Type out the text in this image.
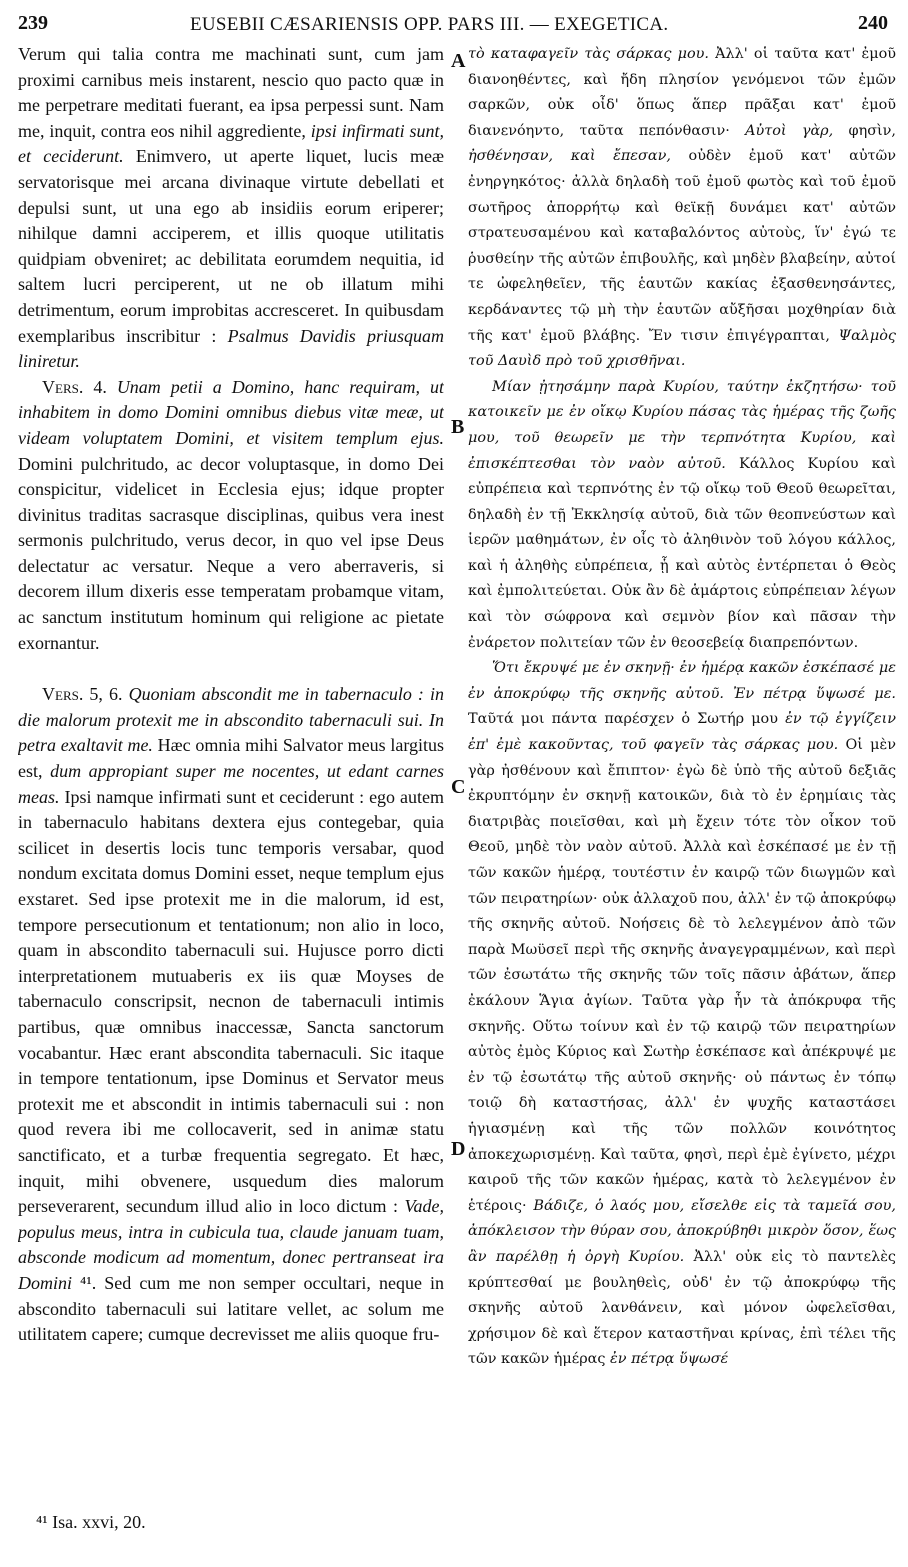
239	EUSEBII CÆSARIENSIS OPP. PARS III. — EXEGETICA.	240

Verum qui talia contra me machinati sunt, cum jam proximi carnibus meis instarent, nescio quo pacto quæ in me perpetrare meditati fuerant, ea ipsa perpessi sunt. Nam me, inquit, contra eos nihil aggrediente, ipsi infirmati sunt, et ceciderunt. Enimvero, ut aperte liquet, lucis meæ servatorisque mei arcana divinaque virtute debellati et depulsi sunt, ut una ego ab insidiis eorum eriperer; nihilque damni acciperem, et illis quoque utilitatis quidpiam obveniret; ac debilitata eorumdem nequitia, id saltem lucri perciperent, ut ne ob illatum mihi detrimentum, eorum improbitas accresceret. In quibusdam exemplaribus inscribitur : Psalmus Davidis priusquam liniretur.

Vers. 4. Unam petii a Domino, hanc requiram, ut inhabitem in domo Domini omnibus diebus vitæ meæ, ut videam voluptatem Domini, et visitem templum ejus. Domini pulchritudo, ac decor voluptasque, in domo Dei conspicitur, videlicet in Ecclesia ejus; idque propter divinitus traditas sacrasque disciplinas, quibus vera inest sermonis pulchritudo, verus decor, in quo vel ipse Deus delectatur ac versatur. Neque a vero aberraveris, si decorem illum dixeris esse temperatam probamque vitam, ac sanctum institutum hominum qui religione ac pietate exornantur.

Vers. 5, 6. Quoniam abscondit me in tabernaculo : in die malorum protexit me in abscondito tabernaculi sui. In petra exaltavit me. Hæc omnia mihi Salvator meus largitus est, dum appropiant super me nocentes, ut edant carnes meas. Ipsi namque infirmati sunt et ceciderunt : ego autem in tabernaculo habitans dextera ejus contegebar, quia scilicet in desertis locis tunc temporis versabar, quod nondum excitata domus Domini esset, neque templum ejus exstaret. Sed ipse protexit me in die malorum, id est, tempore persecutionum et tentationum; non alio in loco, quam in abscondito tabernaculi sui. Hujusce porro dicti interpretationem mutuaberis ex iis quæ Moyses de tabernaculo conscripsit, necnon de tabernaculi intimis partibus, quæ omnibus inaccessæ, Sancta sanctorum vocabantur. Hæc erant abscondita tabernaculi. Sic itaque in tempore tentationum, ipse Dominus et Servator meus protexit me et abscondit in intimis tabernaculi sui : non quod revera ibi me collocaverit, sed in animæ statu sanctificato, et a turbæ frequentia segregato. Et hæc, inquit, mihi obvenere, usquedum dies malorum perseverarent, secundum illud alio in loco dictum : Vade, populus meus, intra in cubicula tua, claude januam tuam, absconde modicum ad momentum, donec pertranseat ira Domini ⁴¹. Sed cum me non semper occultari, neque in abscondito tabernaculi sui latitare vellet, ac solum me utilitatem capere; cumque decrevisset me aliis quoque fru-

A
B
C
D

τὸ καταφαγεῖν τὰς σάρκας μου. Ἀλλ' οἱ ταῦτα κατ' ἐμοῦ διανοηθέντες, καὶ ἤδη πλησίον γενόμενοι τῶν ἐμῶν σαρκῶν, οὐκ οἶδ' ὅπως ἅπερ πρᾶξαι κατ' ἐμοῦ διανενόηντο, ταῦτα πεπόνθασιν· Αὐτοὶ γὰρ, φησὶν, ἠσθένησαν, καὶ ἔπεσαν, οὐδὲν ἐμοῦ κατ' αὐτῶν ἐνηργηκότος· ἀλλὰ δηλαδὴ τοῦ ἐμοῦ φωτὸς καὶ τοῦ ἐμοῦ σωτῆρος ἀπορρήτῳ καὶ θεϊκῇ δυνάμει κατ' αὐτῶν στρατευσαμένου καὶ καταβαλόντος αὐτοὺς, ἵν' ἐγώ τε ῥυσθείην τῆς αὐτῶν ἐπιβουλῆς, καὶ μηδὲν βλαβείην, αὐτοί τε ὠφεληθεῖεν, τῆς ἑαυτῶν κακίας ἐξασθενησάντες, κερδάναντες τῷ μὴ τὴν ἑαυτῶν αὔξῆσαι μοχθηρίαν διὰ τῆς κατ' ἐμοῦ βλάβης. Ἔν τισιν ἐπιγέγραπται, Ψαλμὸς τοῦ Δαυὶδ πρὸ τοῦ χρισθῆναι.

Μίαν ᾐτησάμην παρὰ Κυρίου, ταύτην ἐκζητήσω· τοῦ κατοικεῖν με ἐν οἴκῳ Κυρίου πάσας τὰς ἡμέρας τῆς ζωῆς μου, τοῦ θεωρεῖν με τὴν τερπνότητα Κυρίου, καὶ ἐπισκέπτεσθαι τὸν ναὸν αὐτοῦ. Κάλλος Κυρίου καὶ εὐπρέπεια καὶ τερπνότης ἐν τῷ οἴκῳ τοῦ Θεοῦ θεωρεῖται, δηλαδὴ ἐν τῇ Ἐκκλησίᾳ αὐτοῦ, διὰ τῶν θεοπνεύστων καὶ ἱερῶν μαθημάτων, ἐν οἷς τὸ ἀληθινὸν τοῦ λόγου κάλλος, καὶ ἡ ἀληθὴς εὐπρέπεια, ᾗ καὶ αὐτὸς ἐντέρπεται ὁ Θεὸς καὶ ἐμπολιτεύεται. Οὐκ ἂν δὲ ἁμάρτοις εὐπρέπειαν λέγων καὶ τὸν σώφρονα καὶ σεμνὸν βίον καὶ πᾶσαν τὴν ἐνάρετον πολιτείαν τῶν ἐν θεοσεβείᾳ διαπρεπόντων.

Ὅτι ἔκρυψέ με ἐν σκηνῇ· ἐν ἡμέρᾳ κακῶν ἐσκέπασέ με ἐν ἀποκρύφῳ τῆς σκηνῆς αὐτοῦ. Ἐν πέτρᾳ ὕψωσέ με. Ταῦτά μοι πάντα παρέσχεν ὁ Σωτήρ μου ἐν τῷ ἐγγίζειν ἐπ' ἐμὲ κακοῦντας, τοῦ φαγεῖν τὰς σάρκας μου. Οἱ μὲν γὰρ ἠσθένουν καὶ ἔπιπτον· ἐγὼ δὲ ὑπὸ τῆς αὐτοῦ δεξιᾶς ἐκρυπτόμην ἐν σκηνῇ κατοικῶν, διὰ τὸ ἐν ἐρημίαις τὰς διατριβὰς ποιεῖσθαι, καὶ μὴ ἔχειν τότε τὸν οἶκον τοῦ Θεοῦ, μηδὲ τὸν ναὸν αὐτοῦ. Ἀλλὰ καὶ ἐσκέπασέ με ἐν τῇ τῶν κακῶν ἡμέρᾳ, τουτέστιν ἐν καιρῷ τῶν διωγμῶν καὶ τῶν πειρατηρίων· οὐκ ἀλλαχοῦ που, ἀλλ' ἐν τῷ ἀποκρύφῳ τῆς σκηνῆς αὐτοῦ. Νοήσεις δὲ τὸ λελεγμένον ἀπὸ τῶν παρὰ Μωϋσεῖ περὶ τῆς σκηνῆς ἀναγεγραμμένων, καὶ περὶ τῶν ἐσωτάτω τῆς σκηνῆς τῶν τοῖς πᾶσιν ἀβάτων, ἅπερ ἐκάλουν Ἅγια ἁγίων. Ταῦτα γὰρ ἦν τὰ ἀπόκρυφα τῆς σκηνῆς. Οὕτω τοίνυν καὶ ἐν τῷ καιρῷ τῶν πειρατηρίων αὐτὸς ἐμὸς Κύριος καὶ Σωτὴρ ἐσκέπασε καὶ ἀπέκρυψέ με ἐν τῷ ἐσωτάτῳ τῆς αὐτοῦ σκηνῆς· οὐ πάντως ἐν τόπῳ τοιῷ δὴ καταστήσας, ἀλλ' ἐν ψυχῆς καταστάσει ἡγιασμένῃ καὶ τῆς τῶν πολλῶν κοινότητος ἀποκεχωρισμένῃ. Καὶ ταῦτα, φησὶ, περὶ ἐμὲ ἐγίνετο, μέχρι καιροῦ τῆς τῶν κακῶν ἡμέρας, κατὰ τὸ λελεγμένον ἐν ἑτέροις· Βάδιζε, ὁ λαός μου, εἴσελθε εἰς τὰ ταμεῖά σου, ἀπόκλεισον τὴν θύραν σου, ἀποκρύβηθι μικρὸν ὅσον, ἕως ἂν παρέλθῃ ἡ ὀργὴ Κυρίου. Ἀλλ' οὐκ εἰς τὸ παντελὲς κρύπτεσθαί με βουληθεὶς, οὐδ' ἐν τῷ ἀποκρύφῳ τῆς σκηνῆς αὐτοῦ λανθάνειν, καὶ μόνον ὠφελεῖσθαι, χρήσιμον δὲ καὶ ἕτερον καταστῆναι κρίνας, ἐπὶ τέλει τῆς τῶν κακῶν ἡμέρας ἐν πέτρᾳ ὕψωσέ

⁴¹ Isa. xxvi, 20.
